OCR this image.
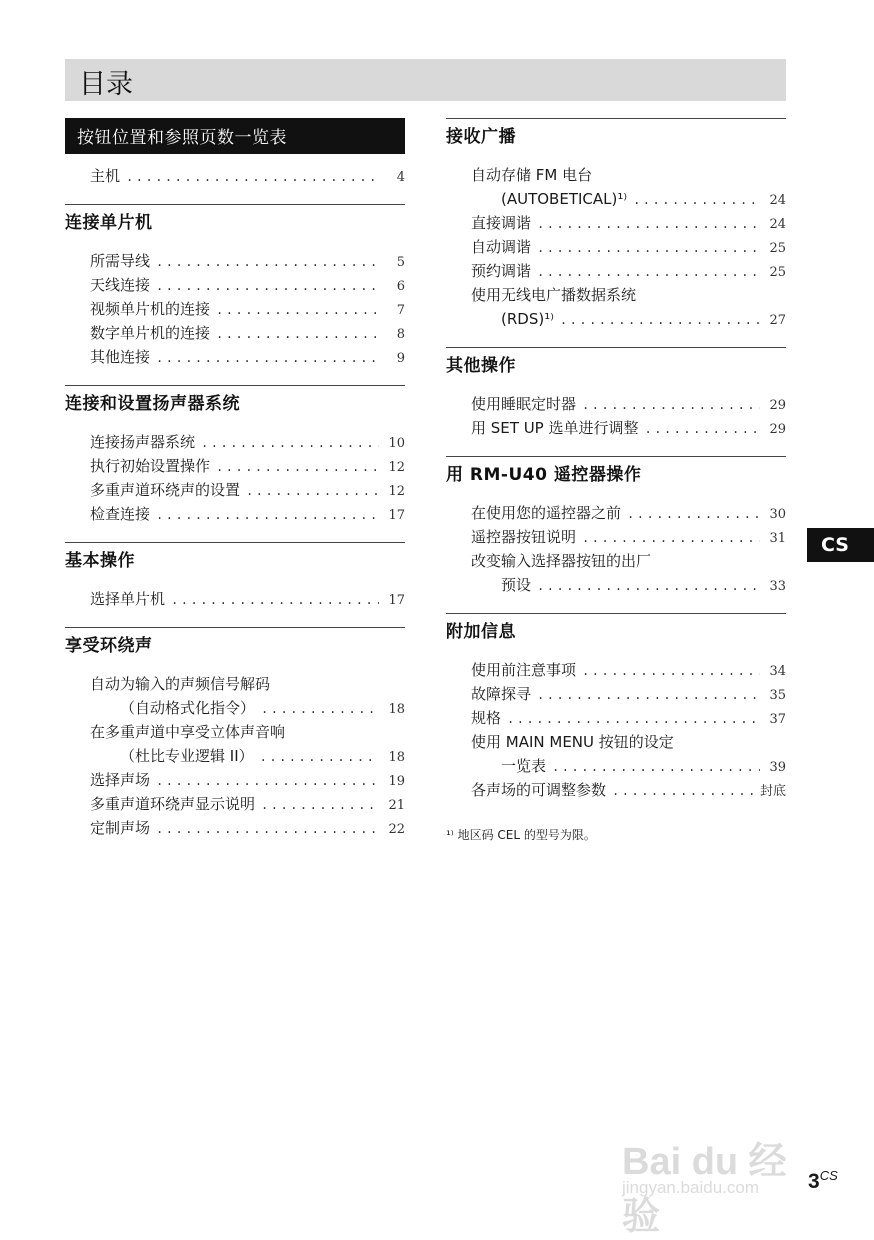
目录
按钮位置和参照页数一览表
主机 .....	4
连接单片机
所需导线 .....	5
天线连接 .....	6
视频单片机的连接 .....	7
数字单片机的连接 .....	8
其他连接 .....	9
连接和设置扬声器系统
连接扬声器系统 .....	10
执行初始设置操作 .....	12
多重声道环绕声的设置 .....	12
检查连接 .....	17
基本操作
选择单片机 .....	17
享受环绕声
自动为输入的声频信号解码
（自动格式化指令） .....	18
在多重声道中享受立体声音响
（杜比专业逻辑 II） .....	18
选择声场 .....	19
多重声道环绕声显示说明 .....	21
定制声场 .....	22
接收广播
自动存储 FM 电台
(AUTOBETICAL)¹⁾ .....	24
直接调谐 .....	24
自动调谐 .....	25
预约调谐 .....	25
使用无线电广播数据系统
(RDS)¹⁾ .....	27
其他操作
使用睡眠定时器 .....	29
用 SET UP 选单进行调整 .....	29
用 RM-U40 遥控器操作
在使用您的遥控器之前 .....	30
遥控器按钮说明 .....	31
改变输入选择器按钮的出厂
预设 .....	33
附加信息
使用前注意事项 .....	34
故障探寻 .....	35
规格 .....	37
使用 MAIN MENU 按钮的设定
一览表 .....	39
各声场的可调整参数 .....	封底
¹⁾ 地区码 CEL 的型号为限。
CS
$3^{CS}$
Bai du 经验
jingyan.baidu.com
